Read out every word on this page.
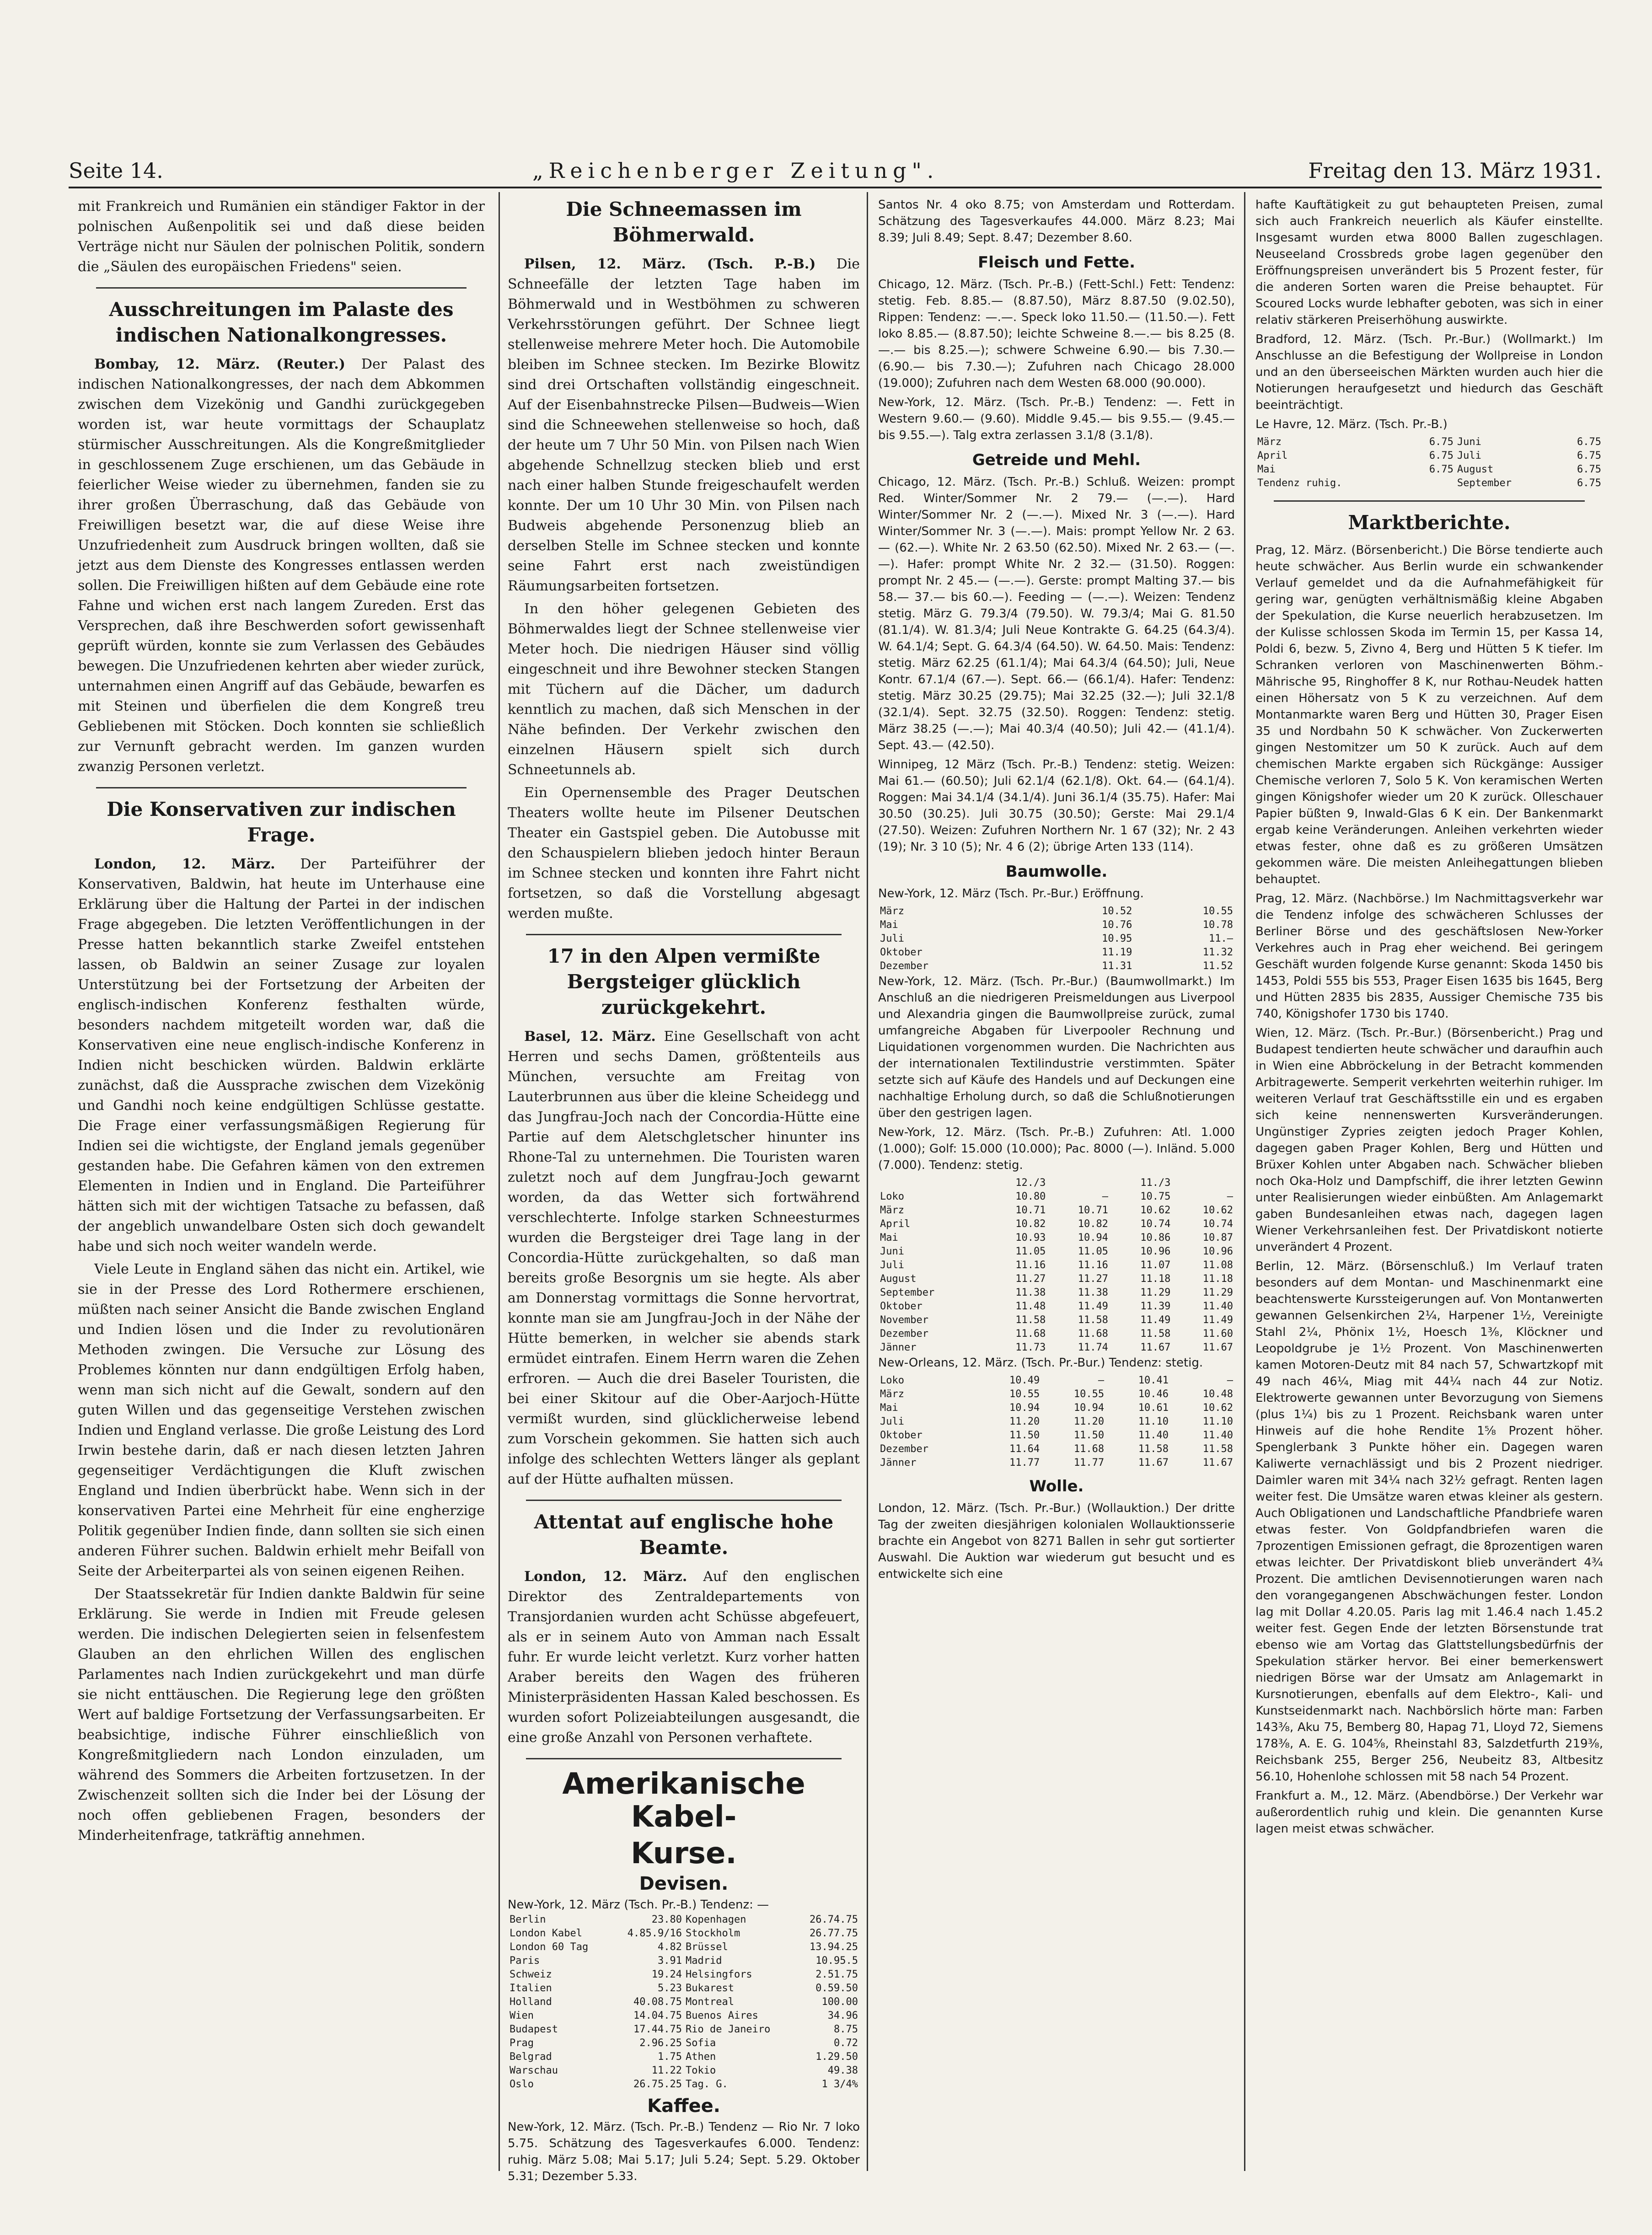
Seite 14.	„Reichenberger Zeitung".	Freitag den 13. März 1931.

mit Frankreich und Rumänien ein ständiger Faktor in der polnischen Außenpolitik sei und daß diese beiden Verträge nicht nur Säulen der polnischen Politik, sondern die „Säulen des europäischen Friedens" seien.

Ausschreitungen im Palaste des indischen Nationalkongresses.

Bombay, 12. März. (Reuter.) Der Palast des indischen Nationalkongresses, der nach dem Abkommen zwischen dem Vizekönig und Gandhi zurückgegeben worden ist, war heute vormittags der Schauplatz stürmischer Ausschreitungen. Als die Kongreßmitglieder in geschlossenem Zuge erschienen, um das Gebäude in feierlicher Weise wieder zu übernehmen, fanden sie zu ihrer großen Überraschung, daß das Gebäude von Freiwilligen besetzt war, die auf diese Weise ihre Unzufriedenheit zum Ausdruck bringen wollten, daß sie jetzt aus dem Dienste des Kongresses entlassen werden sollen. Die Freiwilligen hißten auf dem Gebäude eine rote Fahne und wichen erst nach langem Zureden. Erst das Versprechen, daß ihre Beschwerden sofort gewissenhaft geprüft würden, konnte sie zum Verlassen des Gebäudes bewegen. Die Unzufriedenen kehrten aber wieder zurück, unternahmen einen Angriff auf das Gebäude, bewarfen es mit Steinen und überfielen die dem Kongreß treu Gebliebenen mit Stöcken. Doch konnten sie schließlich zur Vernunft gebracht werden. Im ganzen wurden zwanzig Personen verletzt.

Die Konservativen zur indischen Frage.

London, 12. März. Der Parteiführer der Konservativen, Baldwin, hat heute im Unterhause eine Erklärung über die Haltung der Partei in der indischen Frage abgegeben. Die letzten Veröffentlichungen in der Presse hatten bekanntlich starke Zweifel entstehen lassen, ob Baldwin an seiner Zusage zur loyalen Unterstützung bei der Fortsetzung der Arbeiten der englisch-indischen Konferenz festhalten würde, besonders nachdem mitgeteilt worden war, daß die Konservativen eine neue englisch-indische Konferenz in Indien nicht beschicken würden. Baldwin erklärte zunächst, daß die Aussprache zwischen dem Vizekönig und Gandhi noch keine endgültigen Schlüsse gestatte. Die Frage einer verfassungsmäßigen Regierung für Indien sei die wichtigste, der England jemals gegenüber gestanden habe. Die Gefahren kämen von den extremen Elementen in Indien und in England. Die Parteiführer hätten sich mit der wichtigen Tatsache zu befassen, daß der angeblich unwandelbare Osten sich doch gewandelt habe und sich noch weiter wandeln werde.

Viele Leute in England sähen das nicht ein. Artikel, wie sie in der Presse des Lord Rothermere erschienen, müßten nach seiner Ansicht die Bande zwischen England und Indien lösen und die Inder zu revolutionären Methoden zwingen. Die Versuche zur Lösung des Problemes könnten nur dann endgültigen Erfolg haben, wenn man sich nicht auf die Gewalt, sondern auf den guten Willen und das gegenseitige Verstehen zwischen Indien und England verlasse. Die große Leistung des Lord Irwin bestehe darin, daß er nach diesen letzten Jahren gegenseitiger Verdächtigungen die Kluft zwischen England und Indien überbrückt habe. Wenn sich in der konservativen Partei eine Mehrheit für eine engherzige Politik gegenüber Indien finde, dann sollten sie sich einen anderen Führer suchen. Baldwin erhielt mehr Beifall von Seite der Arbeiterpartei als von seinen eigenen Reihen.

Der Staatssekretär für Indien dankte Baldwin für seine Erklärung. Sie werde in Indien mit Freude gelesen werden. Die indischen Delegierten seien in felsenfestem Glauben an den ehrlichen Willen des englischen Parlamentes nach Indien zurückgekehrt und man dürfe sie nicht enttäuschen. Die Regierung lege den größten Wert auf baldige Fortsetzung der Verfassungsarbeiten. Er beabsichtige, indische Führer einschließlich von Kongreßmitgliedern nach London einzuladen, um während des Sommers die Arbeiten fortzusetzen. In der Zwischenzeit sollten sich die Inder bei der Lösung der noch offen gebliebenen Fragen, besonders der Minderheitenfrage, tatkräftig annehmen.

Die Schneemassen im Böhmerwald.

Pilsen, 12. März. (Tsch. P.-B.) Die Schneefälle der letzten Tage haben im Böhmerwald und in Westböhmen zu schweren Verkehrsstörungen geführt. Der Schnee liegt stellenweise mehrere Meter hoch. Die Automobile bleiben im Schnee stecken. Im Bezirke Blowitz sind drei Ortschaften vollständig eingeschneit. Auf der Eisenbahnstrecke Pilsen—Budweis—Wien sind die Schneewehen stellenweise so hoch, daß der heute um 7 Uhr 50 Min. von Pilsen nach Wien abgehende Schnellzug stecken blieb und erst nach einer halben Stunde freigeschaufelt werden konnte. Der um 10 Uhr 30 Min. von Pilsen nach Budweis abgehende Personenzug blieb an derselben Stelle im Schnee stecken und konnte seine Fahrt erst nach zweistündigen Räumungsarbeiten fortsetzen.

In den höher gelegenen Gebieten des Böhmerwaldes liegt der Schnee stellenweise vier Meter hoch. Die niedrigen Häuser sind völlig eingeschneit und ihre Bewohner stecken Stangen mit Tüchern auf die Dächer, um dadurch kenntlich zu machen, daß sich Menschen in der Nähe befinden. Der Verkehr zwischen den einzelnen Häusern spielt sich durch Schneetunnels ab.

Ein Opernensemble des Prager Deutschen Theaters wollte heute im Pilsener Deutschen Theater ein Gastspiel geben. Die Autobusse mit den Schauspielern blieben jedoch hinter Beraun im Schnee stecken und konnten ihre Fahrt nicht fortsetzen, so daß die Vorstellung abgesagt werden mußte.

17 in den Alpen vermißte Bergsteiger glücklich zurückgekehrt.

Basel, 12. März. Eine Gesellschaft von acht Herren und sechs Damen, größtenteils aus München, versuchte am Freitag von Lauterbrunnen aus über die kleine Scheidegg und das Jungfrau-Joch nach der Concordia-Hütte eine Partie auf dem Aletschgletscher hinunter ins Rhone-Tal zu unternehmen. Die Touristen waren zuletzt noch auf dem Jungfrau-Joch gewarnt worden, da das Wetter sich fortwährend verschlechterte. Infolge starken Schneesturmes wurden die Bergsteiger drei Tage lang in der Concordia-Hütte zurückgehalten, so daß man bereits große Besorgnis um sie hegte. Als aber am Donnerstag vormittags die Sonne hervortrat, konnte man sie am Jungfrau-Joch in der Nähe der Hütte bemerken, in welcher sie abends stark ermüdet eintrafen. Einem Herrn waren die Zehen erfroren. — Auch die drei Baseler Touristen, die bei einer Skitour auf die Ober-Aarjoch-Hütte vermißt wurden, sind glücklicherweise lebend zum Vorschein gekommen. Sie hatten sich auch infolge des schlechten Wetters länger als geplant auf der Hütte aufhalten müssen.

Attentat auf englische hohe Beamte.

London, 12. März. Auf den englischen Direktor des Zentraldepartements von Transjordanien wurden acht Schüsse abgefeuert, als er in seinem Auto von Amman nach Essalt fuhr. Er wurde leicht verletzt. Kurz vorher hatten Araber bereits den Wagen des früheren Ministerpräsidenten Hassan Kaled beschossen. Es wurden sofort Polizeiabteilungen ausgesandt, die eine große Anzahl von Personen verhaftete.

Amerikanische Kabel-
Kurse.
Devisen.
New-York, 12. März (Tsch. Pr.-B.) Tendenz: —
Berlin	23.80	Kopenhagen	26.74.75
London Kabel	4.85.9/16	Stockholm	26.77.75
London 60 Tag	4.82	Brüssel	13.94.25
Paris	3.91	Madrid	10.95.5
Schweiz	19.24	Helsingfors	2.51.75
Italien	5.23	Bukarest	0.59.50
Holland	40.08.75	Montreal	100.00
Wien	14.04.75	Buenos Aires	34.96
Budapest	17.44.75	Rio de Janeiro	8.75
Prag	2.96.25	Sofia	0.72
Belgrad	1.75	Athen	1.29.50
Warschau	11.22	Tokio	49.38
Oslo	26.75.25	Tag. G.	1 3/4%
Kaffee.
New-York, 12. März. (Tsch. Pr.-B.) Tendenz — Rio Nr. 7 loko 5.75. Schätzung des Tagesverkaufes 6.000. Tendenz: ruhig. März 5.08; Mai 5.17; Juli 5.24; Sept. 5.29. Oktober 5.31; Dezember 5.33.

Santos Nr. 4 oko 8.75; von Amsterdam und Rotterdam. Schätzung des Tagesverkaufes 44.000. März 8.23; Mai 8.39; Juli 8.49; Sept. 8.47; Dezember 8.60.

Fleisch und Fette.

Chicago, 12. März. (Tsch. Pr.-B.) (Fett-Schl.) Fett: Tendenz: stetig. Feb. 8.85.— (8.87.50), März 8.87.50 (9.02.50), Rippen: Tendenz: —.—. Speck loko 11.50.— (11.50.—). Fett loko 8.85.— (8.87.50); leichte Schweine 8.—.— bis 8.25 (8.—.— bis 8.25.—); schwere Schweine 6.90.— bis 7.30.— (6.90.— bis 7.30.—); Zufuhren nach Chicago 28.000 (19.000); Zufuhren nach dem Westen 68.000 (90.000).

New-York, 12. März. (Tsch. Pr.-B.) Tendenz: —. Fett in Western 9.60.— (9.60). Middle 9.45.— bis 9.55.— (9.45.— bis 9.55.—). Talg extra zerlassen 3.1/8 (3.1/8).

Getreide und Mehl.

Chicago, 12. März. (Tsch. Pr.-B.) Schluß. Weizen: prompt Red. Winter/Sommer Nr. 2 79.— (—.—). Hard Winter/Sommer Nr. 2 (—.—). Mixed Nr. 3 (—.—). Hard Winter/Sommer Nr. 3 (—.—). Mais: prompt Yellow Nr. 2 63.— (62.—). White Nr. 2 63.50 (62.50). Mixed Nr. 2 63.— (—.—). Hafer: prompt White Nr. 2 32.— (31.50). Roggen: prompt Nr. 2 45.— (—.—). Gerste: prompt Malting 37.— bis 58.— 37.— bis 60.—). Feeding — (—.—). Weizen: Tendenz stetig. März G. 79.3/4 (79.50). W. 79.3/4; Mai G. 81.50 (81.1/4). W. 81.3/4; Juli Neue Kontrakte G. 64.25 (64.3/4). W. 64.1/4; Sept. G. 64.3/4 (64.50). W. 64.50. Mais: Tendenz: stetig. März 62.25 (61.1/4); Mai 64.3/4 (64.50); Juli, Neue Kontr. 67.1/4 (67.—). Sept. 66.— (66.1/4). Hafer: Tendenz: stetig. März 30.25 (29.75); Mai 32.25 (32.—); Juli 32.1/8 (32.1/4). Sept. 32.75 (32.50). Roggen: Tendenz: stetig. März 38.25 (—.—); Mai 40.3/4 (40.50); Juli 42.— (41.1/4). Sept. 43.— (42.50).

Winnipeg, 12 März (Tsch. Pr.-B.) Tendenz: stetig. Weizen: Mai 61.— (60.50); Juli 62.1/4 (62.1/8). Okt. 64.— (64.1/4). Roggen: Mai 34.1/4 (34.1/4). Juni 36.1/4 (35.75). Hafer: Mai 30.50 (30.25). Juli 30.75 (30.50); Gerste: Mai 29.1/4 (27.50). Weizen: Zufuhren Northern Nr. 1 67 (32); Nr. 2 43 (19); Nr. 3 10 (5); Nr. 4 6 (2); übrige Arten 133 (114).

Baumwolle.

New-York, 12. März (Tsch. Pr.-Bur.) Eröffnung.

März	10.52	10.55
Mai	10.76	10.78
Juli	10.95	11.—
Oktober	11.19	11.32
Dezember	11.31	11.52

New-York, 12. März. (Tsch. Pr.-Bur.) (Baumwollmarkt.) Im Anschluß an die niedrigeren Preismeldungen aus Liverpool und Alexandria gingen die Baumwollpreise zurück, zumal umfangreiche Abgaben für Liverpooler Rechnung und Liquidationen vorgenommen wurden. Die Nachrichten aus der internationalen Textilindustrie verstimmten. Später setzte sich auf Käufe des Handels und auf Deckungen eine nachhaltige Erholung durch, so daß die Schlußnotierungen über den gestrigen lagen.

New-York, 12. März. (Tsch. Pr.-B.) Zufuhren: Atl. 1.000 (1.000); Golf: 15.000 (10.000); Pac. 8000 (—). Inländ. 5.000 (7.000). Tendenz: stetig.

	12./3		11./3	
Loko	10.80	—	10.75	—
März	10.71	10.71	10.62	10.62
April	10.82	10.82	10.74	10.74
Mai	10.93	10.94	10.86	10.87
Juni	11.05	11.05	10.96	10.96
Juli	11.16	11.16	11.07	11.08
August	11.27	11.27	11.18	11.18
September	11.38	11.38	11.29	11.29
Oktober	11.48	11.49	11.39	11.40
November	11.58	11.58	11.49	11.49
Dezember	11.68	11.68	11.58	11.60
Jänner	11.73	11.74	11.67	11.67

New-Orleans, 12. März. (Tsch. Pr.-Bur.) Tendenz: stetig.

Loko	10.49	—	10.41	—
März	10.55	10.55	10.46	10.48
Mai	10.94	10.94	10.61	10.62
Juli	11.20	11.20	11.10	11.10
Oktober	11.50	11.50	11.40	11.40
Dezember	11.64	11.68	11.58	11.58
Jänner	11.77	11.77	11.67	11.67
Wolle.

London, 12. März. (Tsch. Pr.-Bur.) (Wollauktion.) Der dritte Tag der zweiten diesjährigen kolonialen Wollauktionsserie brachte ein Angebot von 8271 Ballen in sehr gut sortierter Auswahl. Die Auktion war wiederum gut besucht und es entwickelte sich eine

hafte Kauftätigkeit zu gut behaupteten Preisen, zumal sich auch Frankreich neuerlich als Käufer einstellte. Insgesamt wurden etwa 8000 Ballen zugeschlagen. Neuseeland Crossbreds grobe lagen gegenüber den Eröffnungspreisen unverändert bis 5 Prozent fester, für die anderen Sorten waren die Preise behauptet. Für Scoured Locks wurde lebhafter geboten, was sich in einer relativ stärkeren Preiserhöhung auswirkte.

Bradford, 12. März. (Tsch. Pr.-Bur.) (Wollmarkt.) Im Anschlusse an die Befestigung der Wollpreise in London und an den überseeischen Märkten wurden auch hier die Notierungen heraufgesetzt und hiedurch das Geschäft beeinträchtigt.

Le Havre, 12. März. (Tsch. Pr.-B.)

März	6.75	Juni	6.75
April	6.75	Juli	6.75
Mai	6.75	August	6.75
Tendenz ruhig.		September	6.75
Marktberichte.

Prag, 12. März. (Börsenbericht.) Die Börse tendierte auch heute schwächer. Aus Berlin wurde ein schwankender Verlauf gemeldet und da die Aufnahmefähigkeit für gering war, genügten verhältnismäßig kleine Abgaben der Spekulation, die Kurse neuerlich herabzusetzen. Im der Kulisse schlossen Skoda im Termin 15, per Kassa 14, Poldi 6, bezw. 5, Zivno 4, Berg und Hütten 5 K tiefer. Im Schranken verloren von Maschinenwerten Böhm.-Mährische 95, Ringhoffer 8 K, nur Rothau-Neudek hatten einen Höhersatz von 5 K zu verzeichnen. Auf dem Montanmarkte waren Berg und Hütten 30, Prager Eisen 35 und Nordbahn 50 K schwächer. Von Zuckerwerten gingen Nestomitzer um 50 K zurück. Auch auf dem chemischen Markte ergaben sich Rückgänge: Aussiger Chemische verloren 7, Solo 5 K. Von keramischen Werten gingen Königshofer wieder um 20 K zurück. Olleschauer Papier büßten 9, Inwald-Glas 6 K ein. Der Bankenmarkt ergab keine Veränderungen. Anleihen verkehrten wieder etwas fester, ohne daß es zu größeren Umsätzen gekommen wäre. Die meisten Anleihegattungen blieben behauptet.

Prag, 12. März. (Nachbörse.) Im Nachmittagsverkehr war die Tendenz infolge des schwächeren Schlusses der Berliner Börse und des geschäftslosen New-Yorker Verkehres auch in Prag eher weichend. Bei geringem Geschäft wurden folgende Kurse genannt: Skoda 1450 bis 1453, Poldi 555 bis 553, Prager Eisen 1635 bis 1645, Berg und Hütten 2835 bis 2835, Aussiger Chemische 735 bis 740, Königshofer 1730 bis 1740.

Wien, 12. März. (Tsch. Pr.-Bur.) (Börsenbericht.) Prag und Budapest tendierten heute schwächer und daraufhin auch in Wien eine Abbröckelung in der Betracht kommenden Arbitragewerte. Semperit verkehrten weiterhin ruhiger. Im weiteren Verlauf trat Geschäftsstille ein und es ergaben sich keine nennenswerten Kursveränderungen. Ungünstiger Zypries zeigten jedoch Prager Kohlen, dagegen gaben Prager Kohlen, Berg und Hütten und Brüxer Kohlen unter Abgaben nach. Schwächer blieben noch Oka-Holz und Dampfschiff, die ihrer letzten Gewinn unter Realisierungen wieder einbüßten. Am Anlagemarkt gaben Bundesanleihen etwas nach, dagegen lagen Wiener Verkehrsanleihen fest. Der Privatdiskont notierte unverändert 4 Prozent.

Berlin, 12. März. (Börsenschluß.) Im Verlauf traten besonders auf dem Montan- und Maschinenmarkt eine beachtenswerte Kurssteigerungen auf. Von Montanwerten gewannen Gelsenkirchen 2¼, Harpener 1½, Vereinigte Stahl 2¼, Phönix 1½, Hoesch 1⅜, Klöckner und Leopoldgrube je 1½ Prozent. Von Maschinenwerten kamen Motoren-Deutz mit 84 nach 57, Schwartzkopf mit 49 nach 46¼, Miag mit 44¼ nach 44 zur Notiz. Elektrowerte gewannen unter Bevorzugung von Siemens (plus 1¼) bis zu 1 Prozent. Reichsbank waren unter Hinweis auf die hohe Rendite 1⅝ Prozent höher. Spenglerbank 3 Punkte höher ein. Dagegen waren Kaliwerte vernachlässigt und bis 2 Prozent niedriger. Daimler waren mit 34¼ nach 32½ gefragt. Renten lagen weiter fest. Die Umsätze waren etwas kleiner als gestern. Auch Obligationen und Landschaftliche Pfandbriefe waren etwas fester. Von Goldpfandbriefen waren die 7prozentigen Emissionen gefragt, die 8prozentigen waren etwas leichter. Der Privatdiskont blieb unverändert 4¾ Prozent. Die amtlichen Devisennotierungen waren nach den vorangegangenen Abschwächungen fester. London lag mit Dollar 4.20.05. Paris lag mit 1.46.4 nach 1.45.2 weiter fest. Gegen Ende der letzten Börsenstunde trat ebenso wie am Vortag das Glattstellungsbedürfnis der Spekulation stärker hervor. Bei einer bemerkenswert niedrigen Börse war der Umsatz am Anlagemarkt in Kursnotierungen, ebenfalls auf dem Elektro-, Kali- und Kunstseidenmarkt nach. Nachbörslich hörte man: Farben 143⅜, Aku 75, Bemberg 80, Hapag 71, Lloyd 72, Siemens 178⅜, A. E. G. 104⅝, Rheinstahl 83, Salzdetfurth 219⅜, Reichsbank 255, Berger 256, Neubeitz 83, Altbesitz 56.10, Hohenlohe schlossen mit 58 nach 54 Prozent.

Frankfurt a. M., 12. März. (Abendbörse.) Der Verkehr war außerordentlich ruhig und klein. Die genannten Kurse lagen meist etwas schwächer.
